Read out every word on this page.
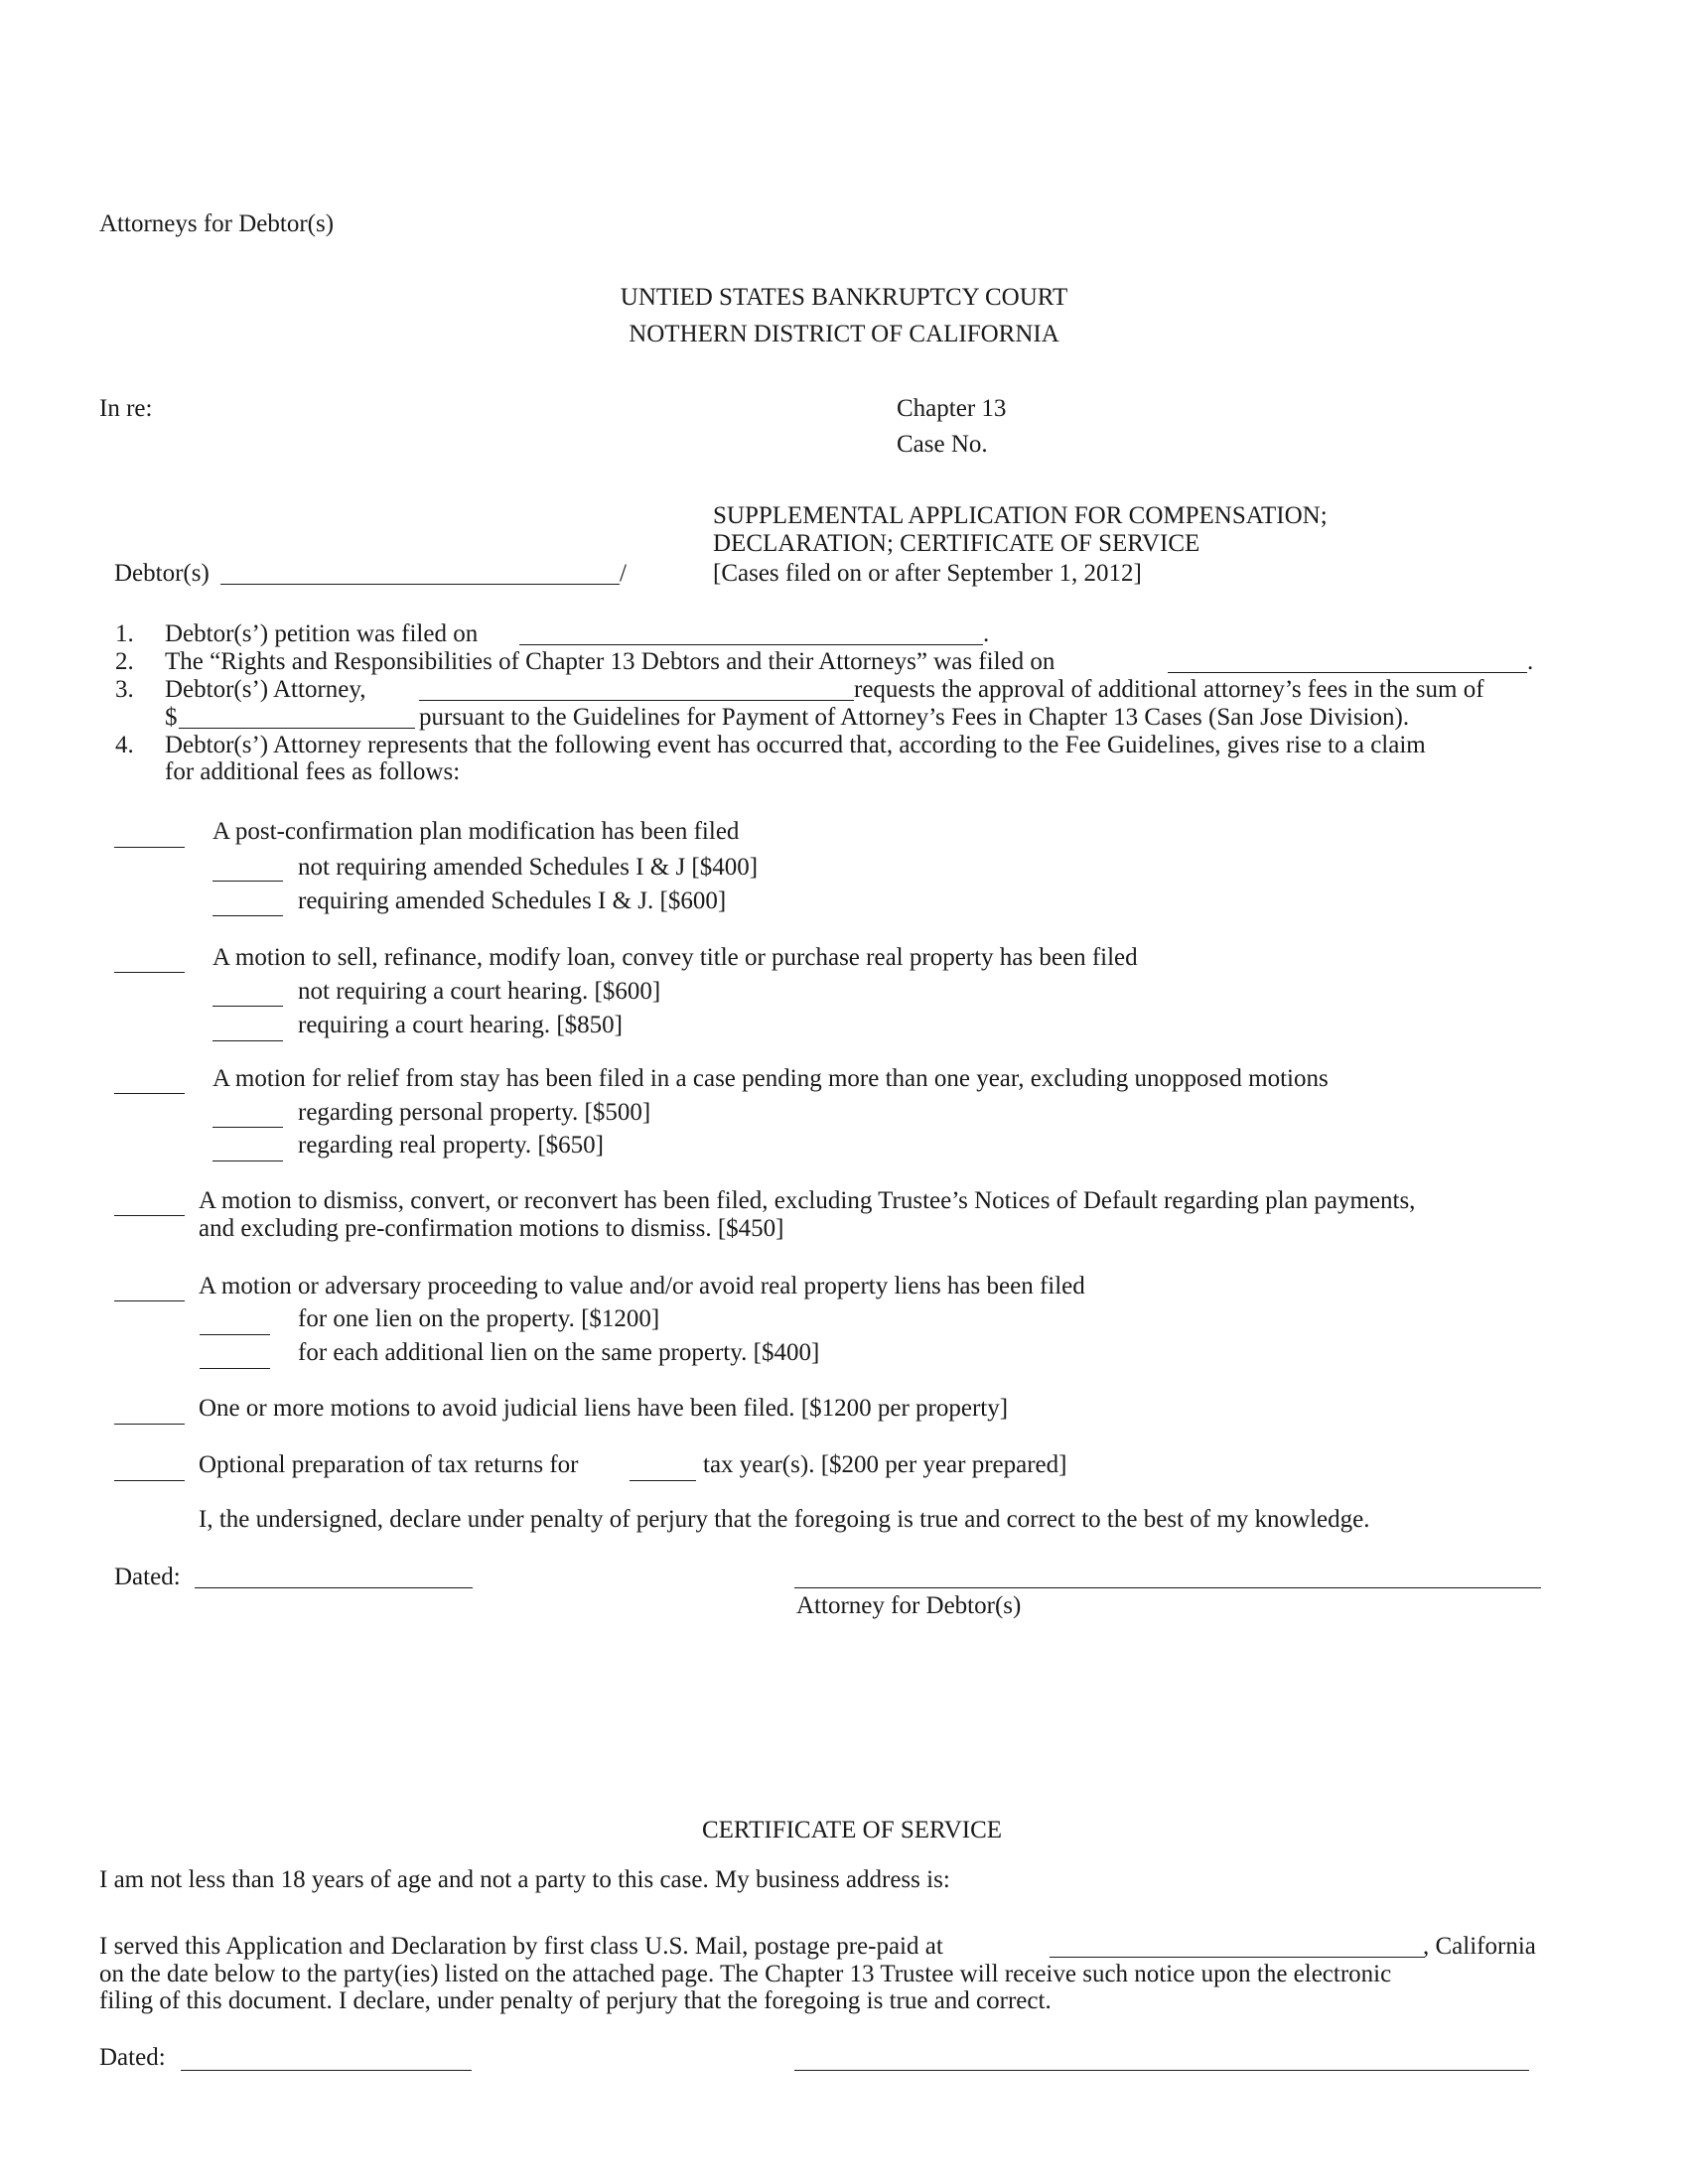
Attorneys for Debtor(s)
UNTIED STATES BANKRUPTCY COURT
NOTHERN DISTRICT OF CALIFORNIA
In re:	Chapter 13
Case No.
SUPPLEMENTAL APPLICATION FOR COMPENSATION;
DECLARATION; CERTIFICATE OF SERVICE
[Cases filed on or after September 1, 2012]
Debtor(s)	/
1. Debtor(s’) petition was filed on	.
2. The “Rights and Responsibilities of Chapter 13 Debtors and their Attorneys” was filed on	.
3. Debtor(s’) Attorney,	requests the approval of additional attorney’s fees in the sum of
$	pursuant to the Guidelines for Payment of Attorney’s Fees in Chapter 13 Cases (San Jose Division).
4. Debtor(s’) Attorney represents that the following event has occurred that, according to the Fee Guidelines, gives rise to a claim
for additional fees as follows:
A post-confirmation plan modification has been filed
not requiring amended Schedules I & J [$400]
requiring amended Schedules I & J. [$600]
A motion to sell, refinance, modify loan, convey title or purchase real property has been filed
not requiring a court hearing. [$600]
requiring a court hearing. [$850]
A motion for relief from stay has been filed in a case pending more than one year, excluding unopposed motions
regarding personal property. [$500]
regarding real property. [$650]
A motion to dismiss, convert, or reconvert has been filed, excluding Trustee’s Notices of Default regarding plan payments,
and excluding pre-confirmation motions to dismiss. [$450]
A motion or adversary proceeding to value and/or avoid real property liens has been filed
for one lien on the property. [$1200]
for each additional lien on the same property. [$400]
One or more motions to avoid judicial liens have been filed. [$1200 per property]
Optional preparation of tax returns for	tax year(s). [$200 per year prepared]
I, the undersigned, declare under penalty of perjury that the foregoing is true and correct to the best of my knowledge.
Dated:
Attorney for Debtor(s)
CERTIFICATE OF SERVICE
I am not less than 18 years of age and not a party to this case. My business address is:
I served this Application and Declaration by first class U.S. Mail, postage pre-paid at	, California
on the date below to the party(ies) listed on the attached page. The Chapter 13 Trustee will receive such notice upon the electronic
filing of this document. I declare, under penalty of perjury that the foregoing is true and correct.
Dated:
